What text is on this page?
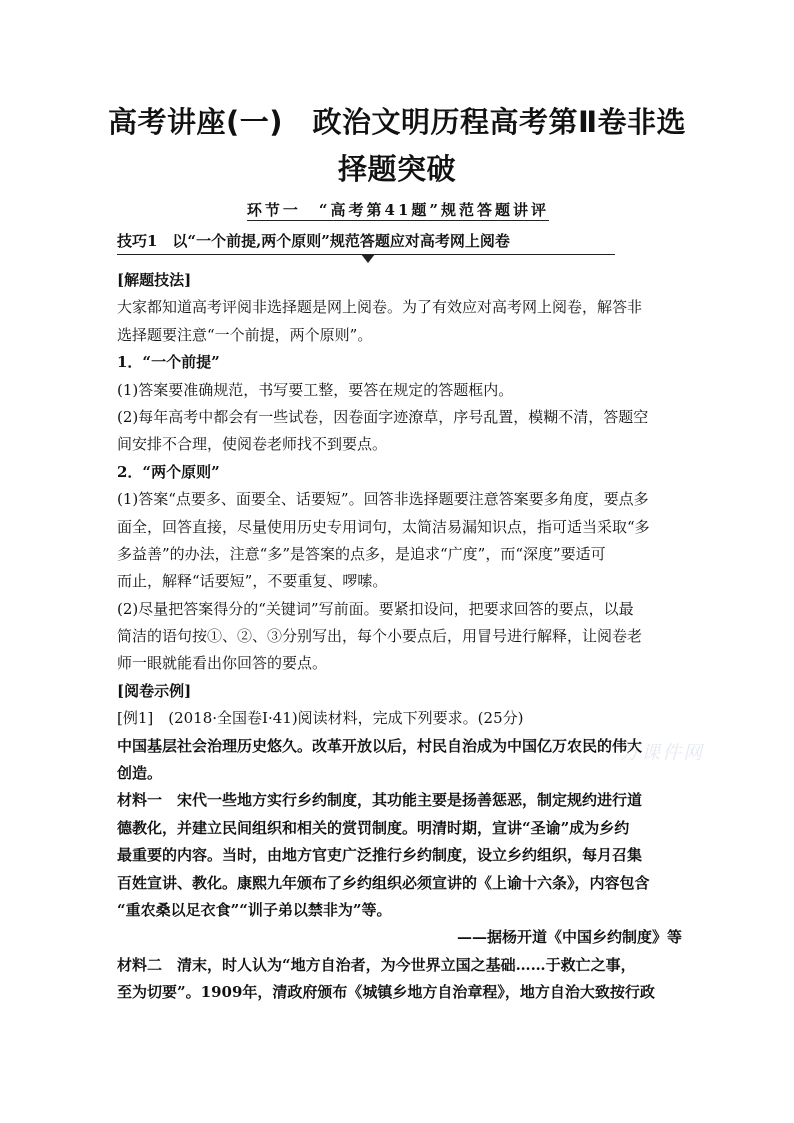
高考讲座(一)　政治文明历程高考第Ⅱ卷非选
择题突破
环节一　“高考第41题”规范答题讲评
技巧1　以“一个前提,两个原则”规范答题应对高考网上阅卷
[解题技法]
大家都知道高考评阅非选择题是网上阅卷。为了有效应对高考网上阅卷，解答非
选择题要注意“一个前提，两个原则”。
1．“一个前提”
(1)答案要准确规范，书写要工整，要答在规定的答题框内。
(2)每年高考中都会有一些试卷，因卷面字迹潦草，序号乱置，模糊不清，答题空
间安排不合理，使阅卷老师找不到要点。
2．“两个原则”
(1)答案“点要多、面要全、话要短”。回答非选择题要注意答案要多角度，要点多
面全，回答直接，尽量使用历史专用词句，太简洁易漏知识点，指可适当采取“多
多益善”的办法，注意“多”是答案的点多，是追求“广度”，而“深度”要适可
而止，解释“话要短”，不要重复、啰嗦。
(2)尽量把答案得分的“关键词”写前面。要紧扣设问，把要求回答的要点，以最
简洁的语句按①、②、③分别写出，每个小要点后，用冒号进行解释，让阅卷老
师一眼就能看出你回答的要点。
[阅卷示例]
[例1]　(2018·全国卷Ⅰ·41)阅读材料，完成下列要求。(25分)
中国基层社会治理历史悠久。改革开放以后，村民自治成为中国亿万农民的伟大
创造。
材料一　宋代一些地方实行乡约制度，其功能主要是扬善惩恶，制定规约进行道
德教化，并建立民间组织和相关的赏罚制度。明清时期，宣讲“圣谕”成为乡约
最重要的内容。当时，由地方官吏广泛推行乡约制度，设立乡约组织，每月召集
百姓宣讲、教化。康熙九年颁布了乡约组织必须宣讲的《上谕十六条》，内容包含
“重农桑以足衣食”“训子弟以禁非为”等。
——据杨开道《中国乡约制度》等
材料二　清末，时人认为“地方自治者，为今世界立国之基础……于救亡之事，
至为切要”。1909年，清政府颁布《城镇乡地方自治章程》，地方自治大致按行政
万课件网
